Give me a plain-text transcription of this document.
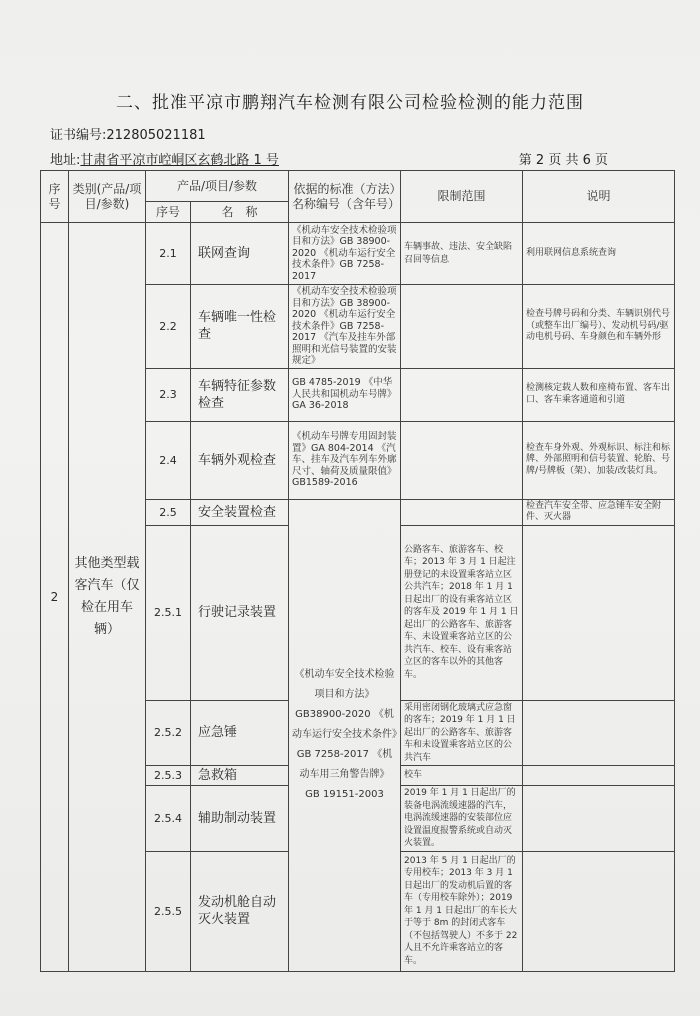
二、批准平凉市鹏翔汽车检测有限公司检验检测的能力范围
证书编号:212805021181
地址:甘肃省平凉市崆峒区玄鹤北路 1 号	第 2 页 共 6 页
序号	类别(产品/项目/参数)	产品/项目/参数		依据的标准（方法）名称编号（含年号）	限制范围	说明
		序号	名　称			
2	其他类型载客汽车（仅检在用车辆）	2.1	联网查询	《机动车安全技术检验项目和方法》GB 38900-2020 《机动车运行安全技术条件》GB 7258-2017	车辆事故、违法、安全缺陷召回等信息	利用联网信息系统查询
		2.2	车辆唯一性检查	《机动车安全技术检验项目和方法》GB 38900-2020 《机动车运行安全技术条件》GB 7258-2017 《汽车及挂车外部照明和光信号装置的安装规定》		检查号牌号码和分类、车辆识别代号（或整车出厂编号）、发动机号码/驱动电机号码、车身颜色和车辆外形
		2.3	车辆特征参数检查	GB 4785-2019 《中华人民共和国机动车号牌》GA 36-2018		检测核定载人数和座椅布置、客车出口、客车乘客通道和引道
		2.4	车辆外观检查	《机动车号牌专用固封装置》GA 804-2014 《汽车、挂车及汽车列车外廓尺寸、轴荷及质量限值》GB1589-2016		检查车身外观、外观标识、标注和标牌、外部照明和信号装置、轮胎、号牌/号牌板（架）、加装/改装灯具。
		2.5	安全装置检查	《机动车安全技术检验项目和方法》GB38900-2020 《机动车运行安全技术条件》GB 7258-2017 《机动车用三角警告牌》 GB 19151-2003		检查汽车安全带、应急锤车安全附件、灭火器
		2.5.1	行驶记录装置		公路客车、旅游客车、校车；2013 年 3 月 1 日起注册登记的未设置乘客站立区公共汽车；2018 年 1 月 1 日起出厂的设有乘客站立区的客车及 2019 年 1 月 1 日起出厂的公路客车、旅游客车、未设置乘客站立区的公共汽车、校车、设有乘客站立区的客车以外的其他客车。	
		2.5.2	应急锤		采用密闭钢化玻璃式应急窗的客车；2019 年 1 月 1 日起出厂的公路客车、旅游客车和未设置乘客站立区的公共汽车	
		2.5.3	急救箱		校车	
		2.5.4	辅助制动装置		2019 年 1 月 1 日起出厂的装备电涡流缓速器的汽车，电涡流缓速器的安装部位应设置温度报警系统或自动灭火装置。	
		2.5.5	发动机舱自动灭火装置		2013 年 5 月 1 日起出厂的专用校车；2013 年 3 月 1 日起出厂的发动机后置的客车（专用校车除外）；2019 年 1 月 1 日起出厂的车长大于等于 8m 的封闭式客车（不包括驾驶人）不多于 22 人且不允许乘客站立的客车。	
